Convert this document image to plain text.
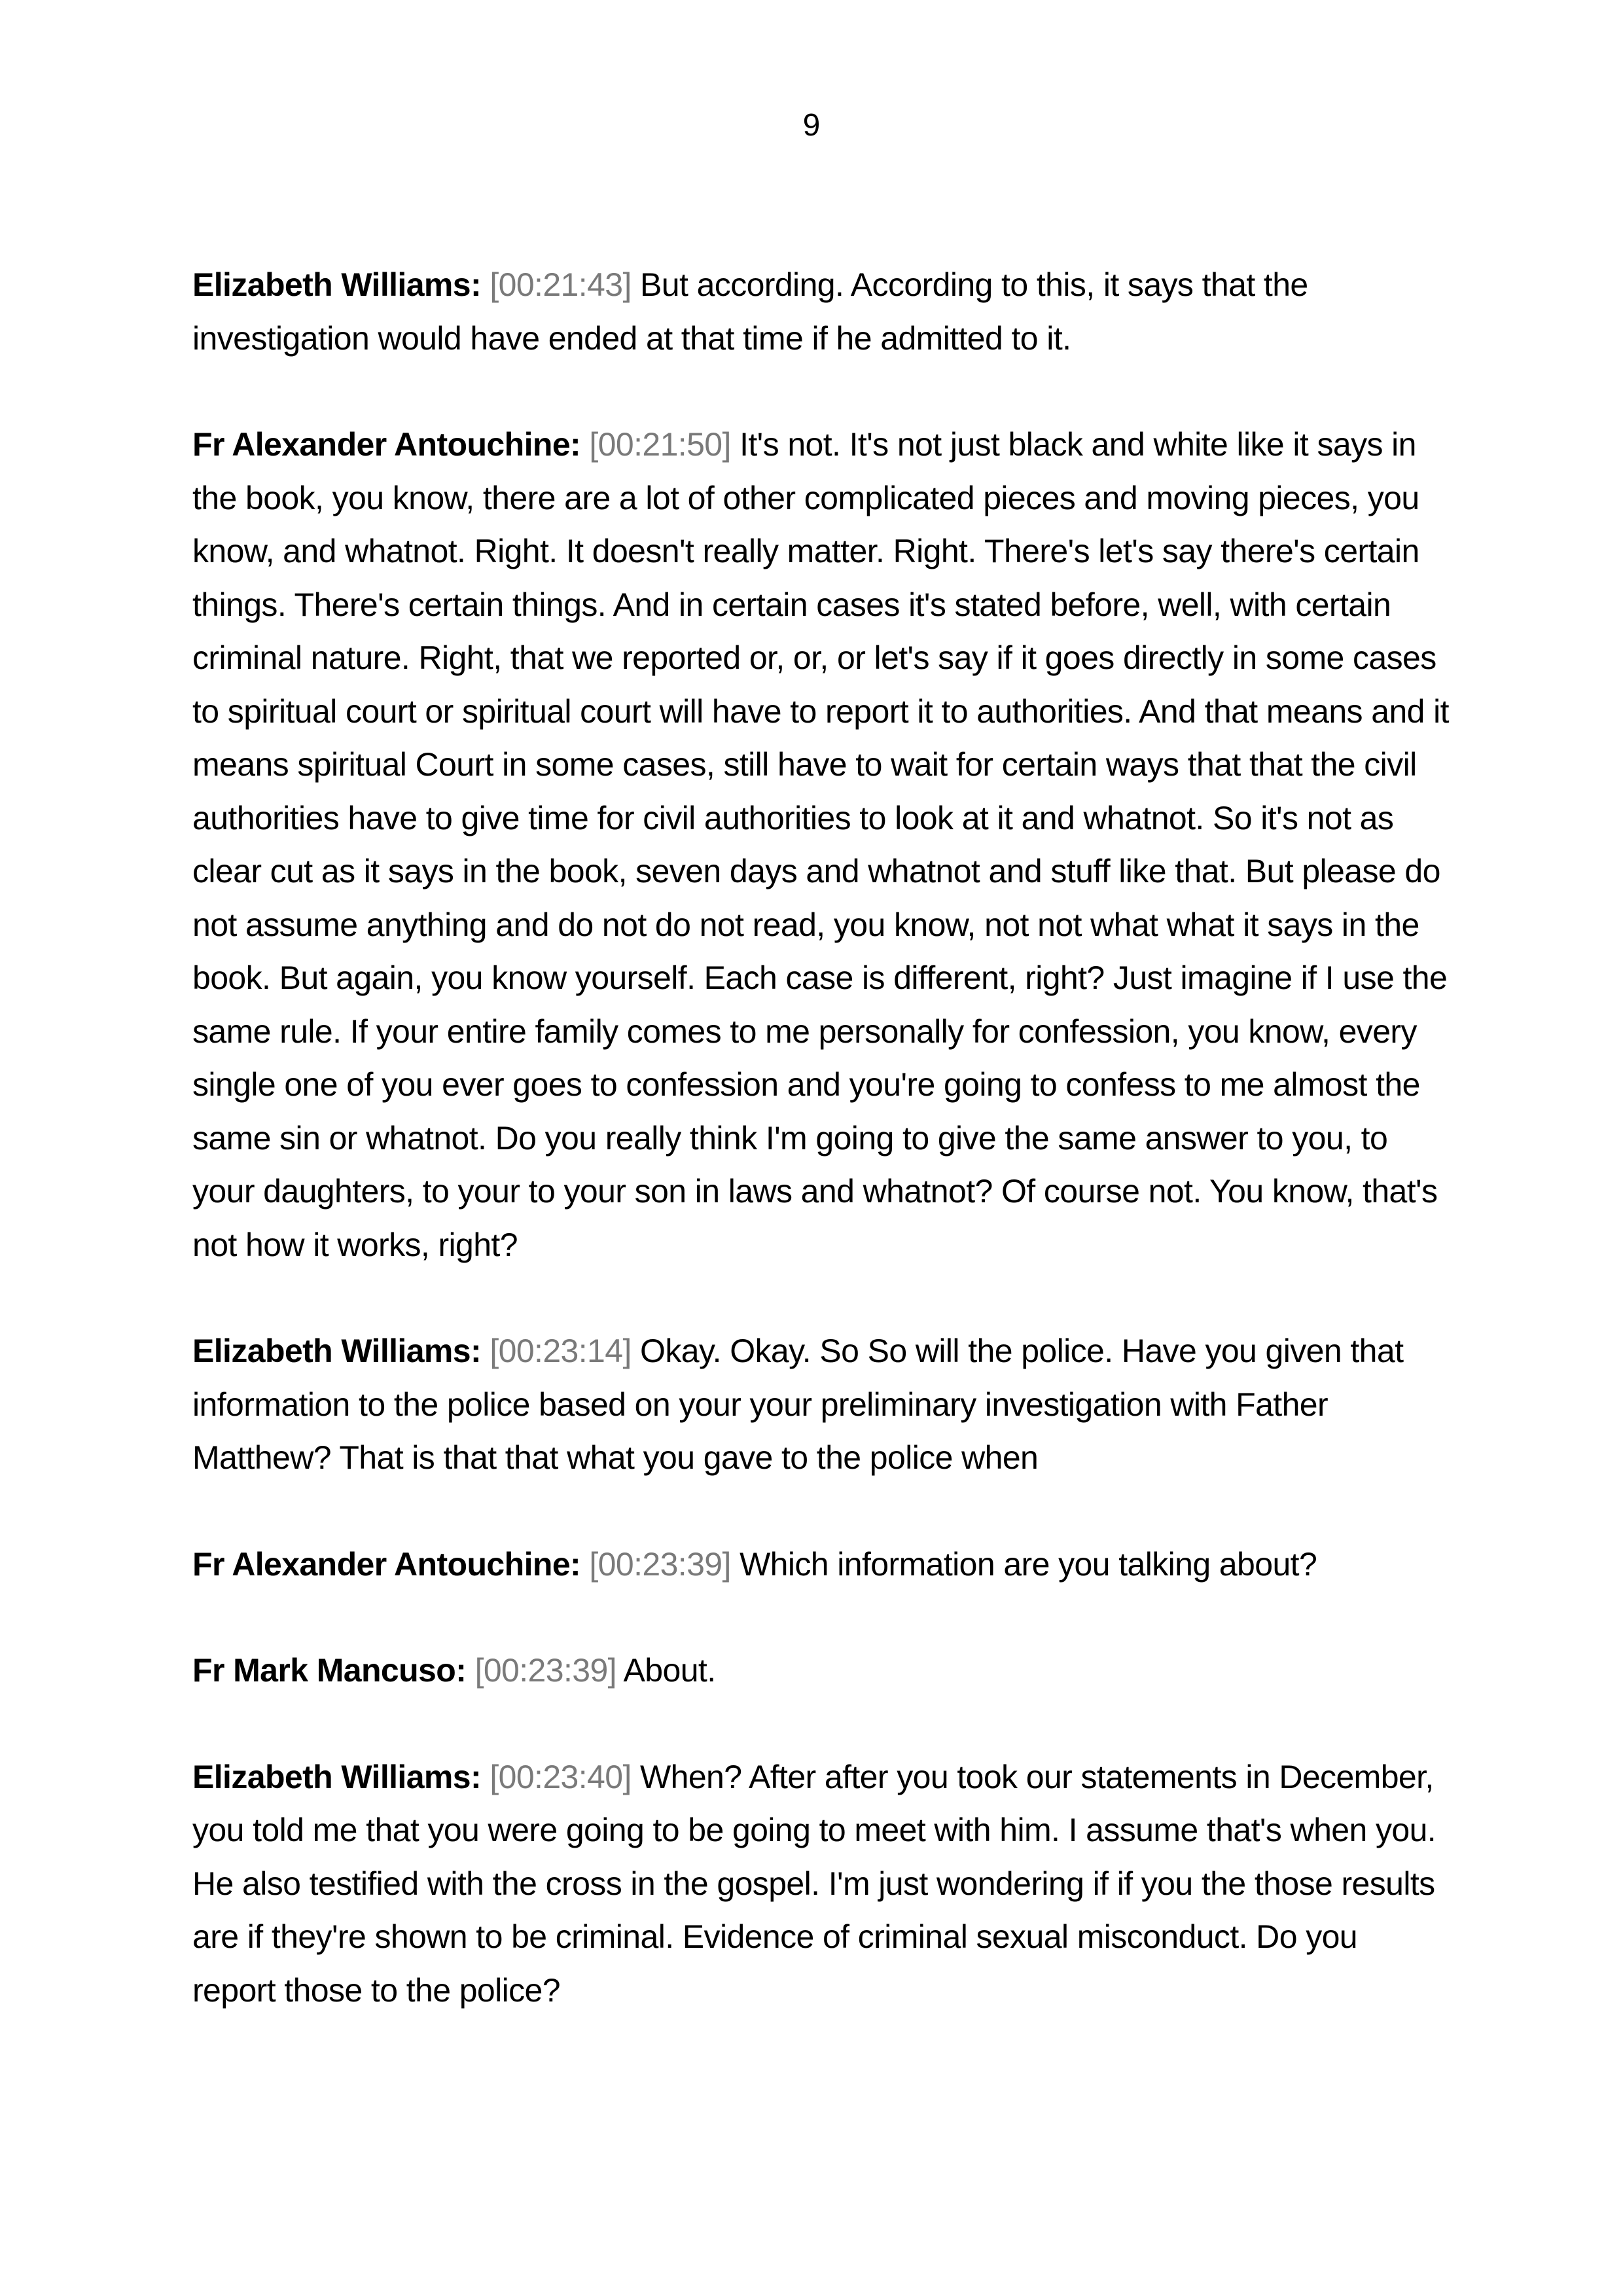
9

Elizabeth Williams: [00:21:43] But according. According to this, it says that the investigation would have ended at that time if he admitted to it.

Fr Alexander Antouchine: [00:21:50] It's not. It's not just black and white like it says in the book, you know, there are a lot of other complicated pieces and moving pieces, you know, and whatnot. Right. It doesn't really matter. Right. There's let's say there's certain things. There's certain things. And in certain cases it's stated before, well, with certain criminal nature. Right, that we reported or, or, or let's say if it goes directly in some cases to spiritual court or spiritual court will have to report it to authorities. And that means and it means spiritual Court in some cases, still have to wait for certain ways that that the civil authorities have to give time for civil authorities to look at it and whatnot. So it's not as clear cut as it says in the book, seven days and whatnot and stuff like that. But please do not assume anything and do not do not read, you know, not not what what it says in the book. But again, you know yourself. Each case is different, right? Just imagine if I use the same rule. If your entire family comes to me personally for confession, you know, every single one of you ever goes to confession and you're going to confess to me almost the same sin or whatnot. Do you really think I'm going to give the same answer to you, to your daughters, to your to your son in laws and whatnot? Of course not. You know, that's not how it works, right?

Elizabeth Williams: [00:23:14] Okay. Okay. So So will the police. Have you given that information to the police based on your your preliminary investigation with Father Matthew? That is that that what you gave to the police when

Fr Alexander Antouchine: [00:23:39] Which information are you talking about?

Fr Mark Mancuso: [00:23:39] About.

Elizabeth Williams: [00:23:40] When? After after you took our statements in December, you told me that you were going to be going to meet with him. I assume that's when you. He also testified with the cross in the gospel. I'm just wondering if if you the those results are if they're shown to be criminal. Evidence of criminal sexual misconduct. Do you report those to the police?
